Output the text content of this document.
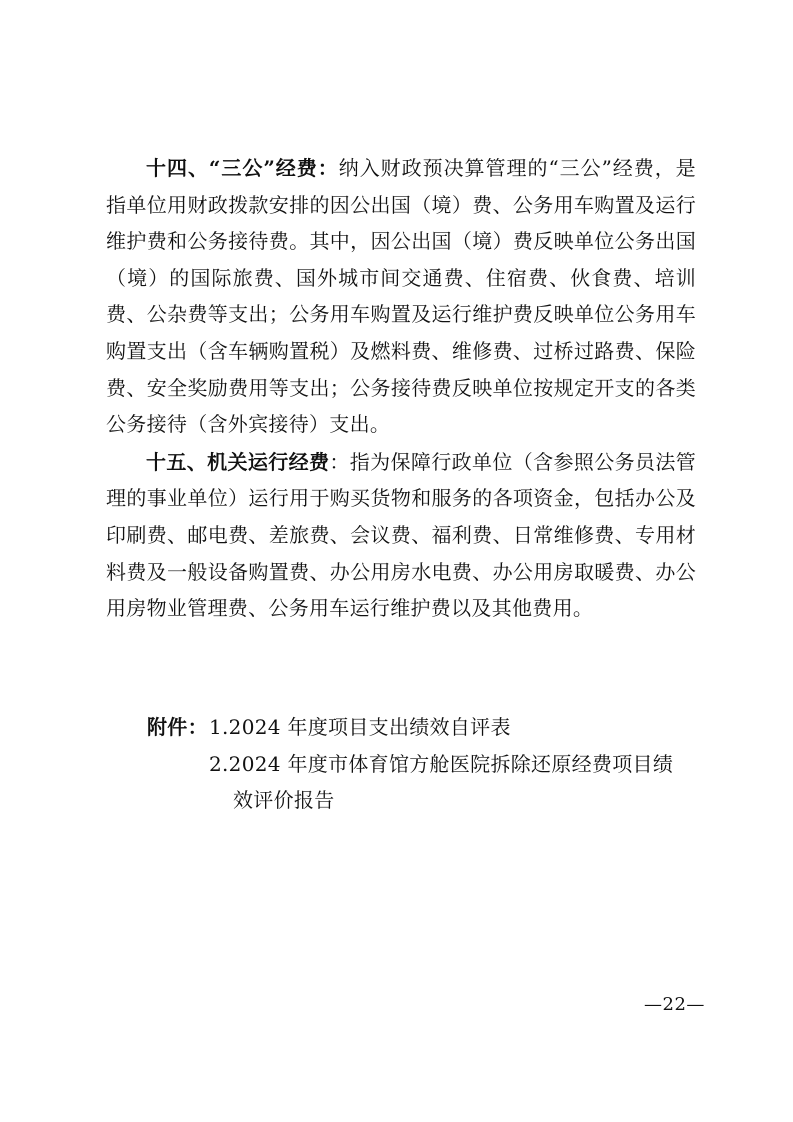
十四、“三公”经费：纳入财政预决算管理的“三公”经费，是指单位用财政拨款安排的因公出国（境）费、公务用车购置及运行维护费和公务接待费。其中，因公出国（境）费反映单位公务出国（境）的国际旅费、国外城市间交通费、住宿费、伙食费、培训费、公杂费等支出；公务用车购置及运行维护费反映单位公务用车购置支出（含车辆购置税）及燃料费、维修费、过桥过路费、保险费、安全奖励费用等支出；公务接待费反映单位按规定开支的各类公务接待（含外宾接待）支出。

十五、机关运行经费：指为保障行政单位（含参照公务员法管理的事业单位）运行用于购买货物和服务的各项资金，包括办公及印刷费、邮电费、差旅费、会议费、福利费、日常维修费、专用材料费及一般设备购置费、办公用房水电费、办公用房取暖费、办公用房物业管理费、公务用车运行维护费以及其他费用。

附件： 1.2024 年度项目支出绩效自评表

2.2024 年度市体育馆方舱医院拆除还原经费项目绩
效评价报告

—22—
